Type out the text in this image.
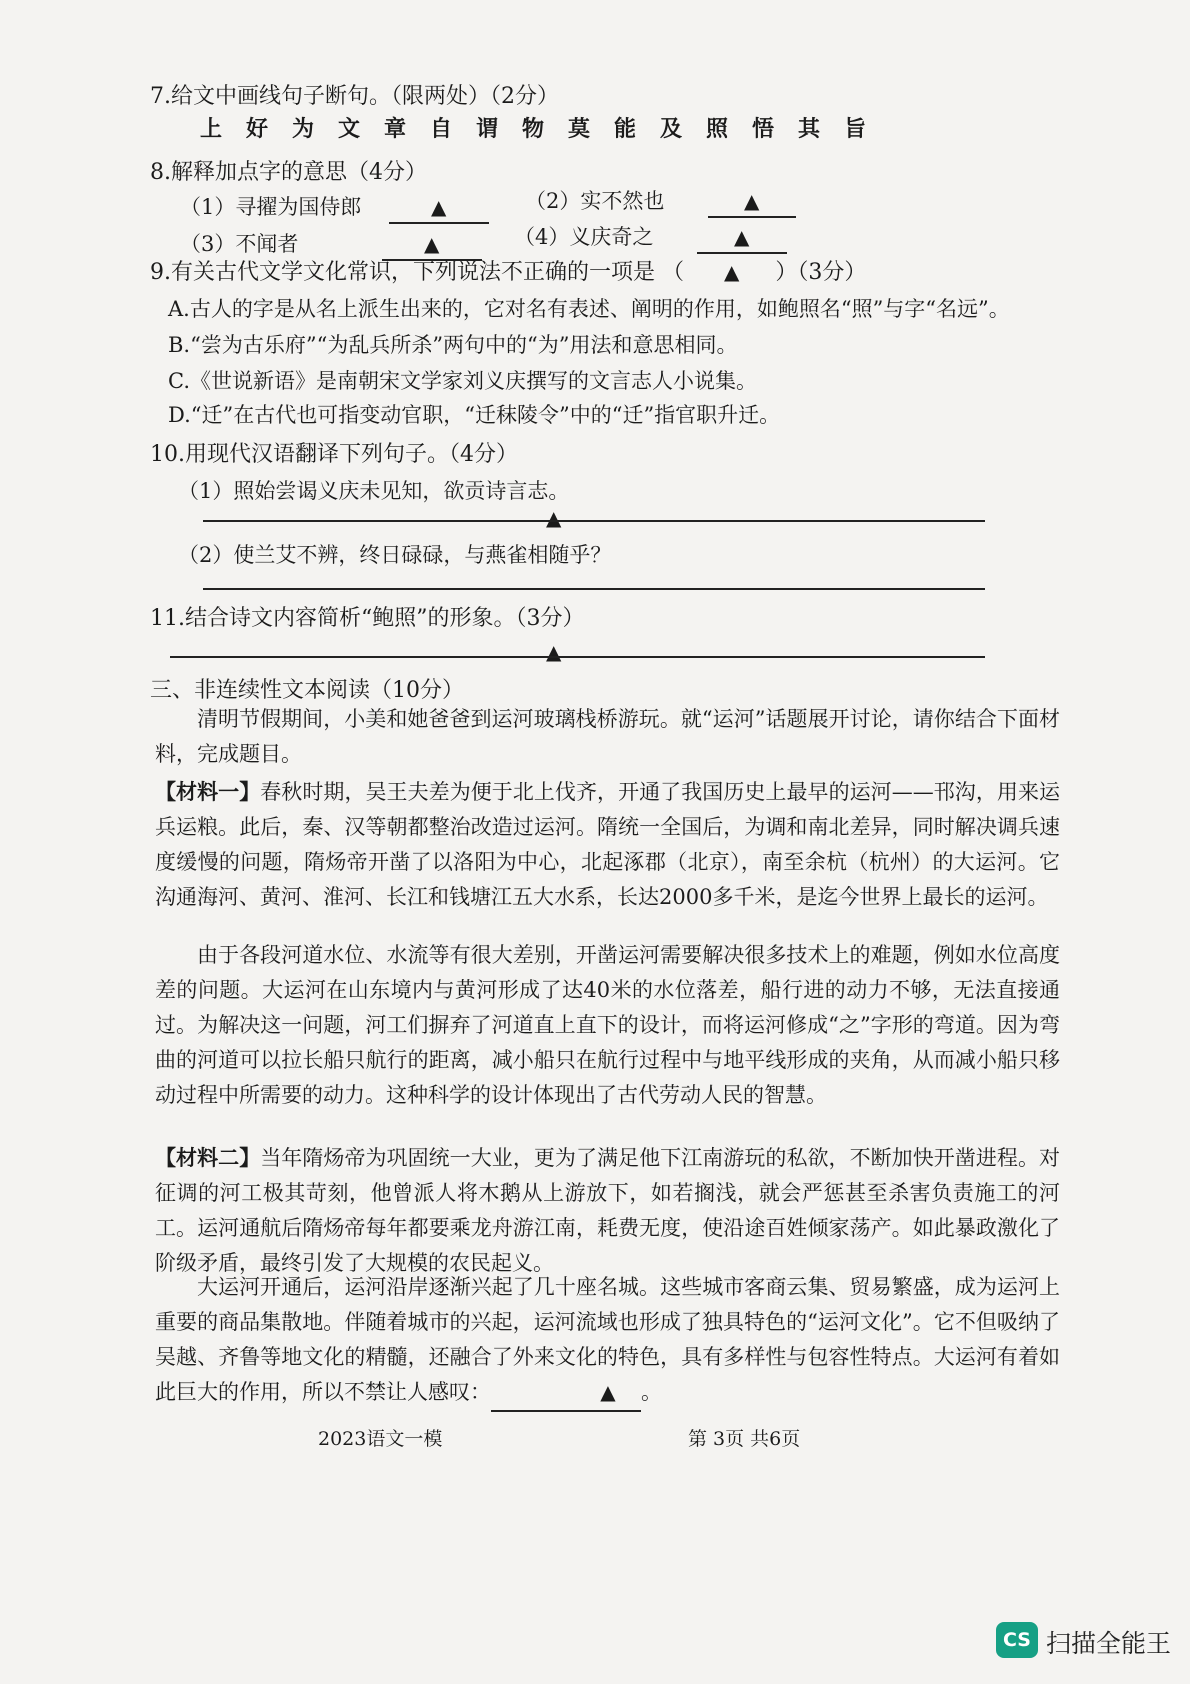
7.给文中画线句子断句。（限两处）（2分）
上好为文章自谓物莫能及照悟其旨
8.解释加点字的意思（4分）
（1）寻擢为国侍郎	▲	（2）实不然也	▲
（3）不闻者	▲	（4）义庆奇之	▲
9.有关古代文学文化常识，下列说法不正确的一项是 （ ▲ ）（3分）
A.古人的字是从名上派生出来的，它对名有表述、阐明的作用，如鲍照名“照”与字“名远”。
B.“尝为古乐府”“为乱兵所杀”两句中的“为”用法和意思相同。
C.《世说新语》是南朝宋文学家刘义庆撰写的文言志人小说集。
D.“迁”在古代也可指变动官职，“迁秣陵令”中的“迁”指官职升迁。
10.用现代汉语翻译下列句子。（4分）
（1）照始尝谒义庆未见知，欲贡诗言志。
▲
（2）使兰艾不辨，终日碌碌，与燕雀相随乎？
11.结合诗文内容简析“鲍照”的形象。（3分）
▲
三、非连续性文本阅读（10分）
清明节假期间，小美和她爸爸到运河玻璃栈桥游玩。就“运河”话题展开讨论，请你结合下面材料，完成题目。
【材料一】春秋时期，吴王夫差为便于北上伐齐，开通了我国历史上最早的运河——邗沟，用来运兵运粮。此后，秦、汉等朝都整治改造过运河。隋统一全国后，为调和南北差异，同时解决调兵速度缓慢的问题，隋炀帝开凿了以洛阳为中心，北起涿郡（北京），南至余杭（杭州）的大运河。它沟通海河、黄河、淮河、长江和钱塘江五大水系，长达2000多千米，是迄今世界上最长的运河。
由于各段河道水位、水流等有很大差别，开凿运河需要解决很多技术上的难题，例如水位高度差的问题。大运河在山东境内与黄河形成了达40米的水位落差，船行进的动力不够，无法直接通过。为解决这一问题，河工们摒弃了河道直上直下的设计，而将运河修成“之”字形的弯道。因为弯曲的河道可以拉长船只航行的距离，减小船只在航行过程中与地平线形成的夹角，从而减小船只移动过程中所需要的动力。这种科学的设计体现出了古代劳动人民的智慧。
【材料二】当年隋炀帝为巩固统一大业，更为了满足他下江南游玩的私欲，不断加快开凿进程。对征调的河工极其苛刻，他曾派人将木鹅从上游放下，如若搁浅，就会严惩甚至杀害负责施工的河工。运河通航后隋炀帝每年都要乘龙舟游江南，耗费无度，使沿途百姓倾家荡产。如此暴政激化了阶级矛盾，最终引发了大规模的农民起义。
大运河开通后，运河沿岸逐渐兴起了几十座名城。这些城市客商云集、贸易繁盛，成为运河上重要的商品集散地。伴随着城市的兴起，运河流域也形成了独具特色的“运河文化”。它不但吸纳了吴越、齐鲁等地文化的精髓，还融合了外来文化的特色，具有多样性与包容性特点。大运河有着如此巨大的作用，所以不禁让人感叹：	▲ 。
2023语文一模	第 3页 共6页
CS 扫描全能王
